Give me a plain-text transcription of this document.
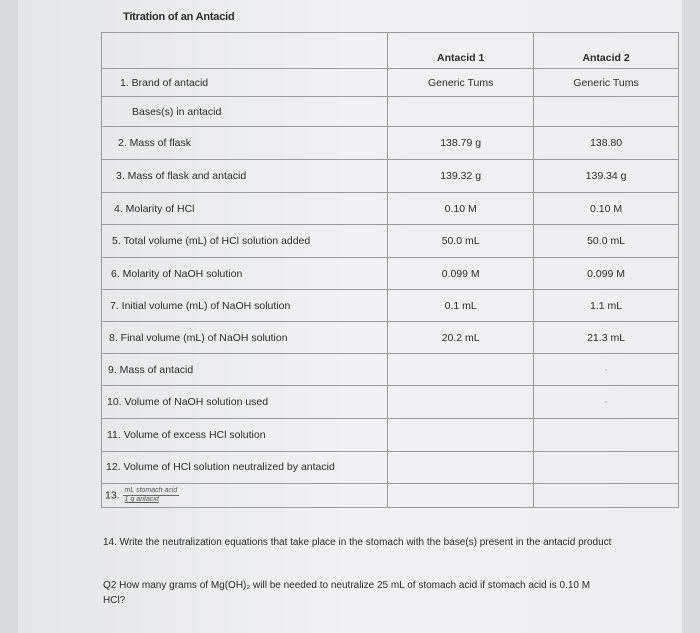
Titration of an Antacid
	Antacid 1	Antacid 2
1. Brand of antacid	Generic Tums	Generic Tums
Bases(s) in antacid		
2. Mass of flask	138.79 g	138.80
3. Mass of flask and antacid	139.32 g	139.34 g
4. Molarity of HCl	0.10 M	0.10 M
5. Total volume (mL) of HCl solution added	50.0 mL	50.0 mL
6. Molarity of NaOH solution	0.099 M	0.099 M
7. Initial volume (mL) of NaOH solution	0.1 mL	1.1 mL
8. Final volume (mL) of NaOH solution	20.2 mL	21.3 mL
9. Mass of antacid		-
10. Volume of NaOH solution used		-
11. Volume of excess HCl solution		
12. Volume of HCl solution neutralized by antacid		
13. $\frac{\text{mL stomach acid}}{\text{1 g antacid}}$

14. Write the neutralization equations that take place in the stomach with the base(s) present in the antacid product
Q2 How many grams of Mg(OH)₂ will be needed to neutralize 25 mL of stomach acid if stomach acid is 0.10 M HCl?
